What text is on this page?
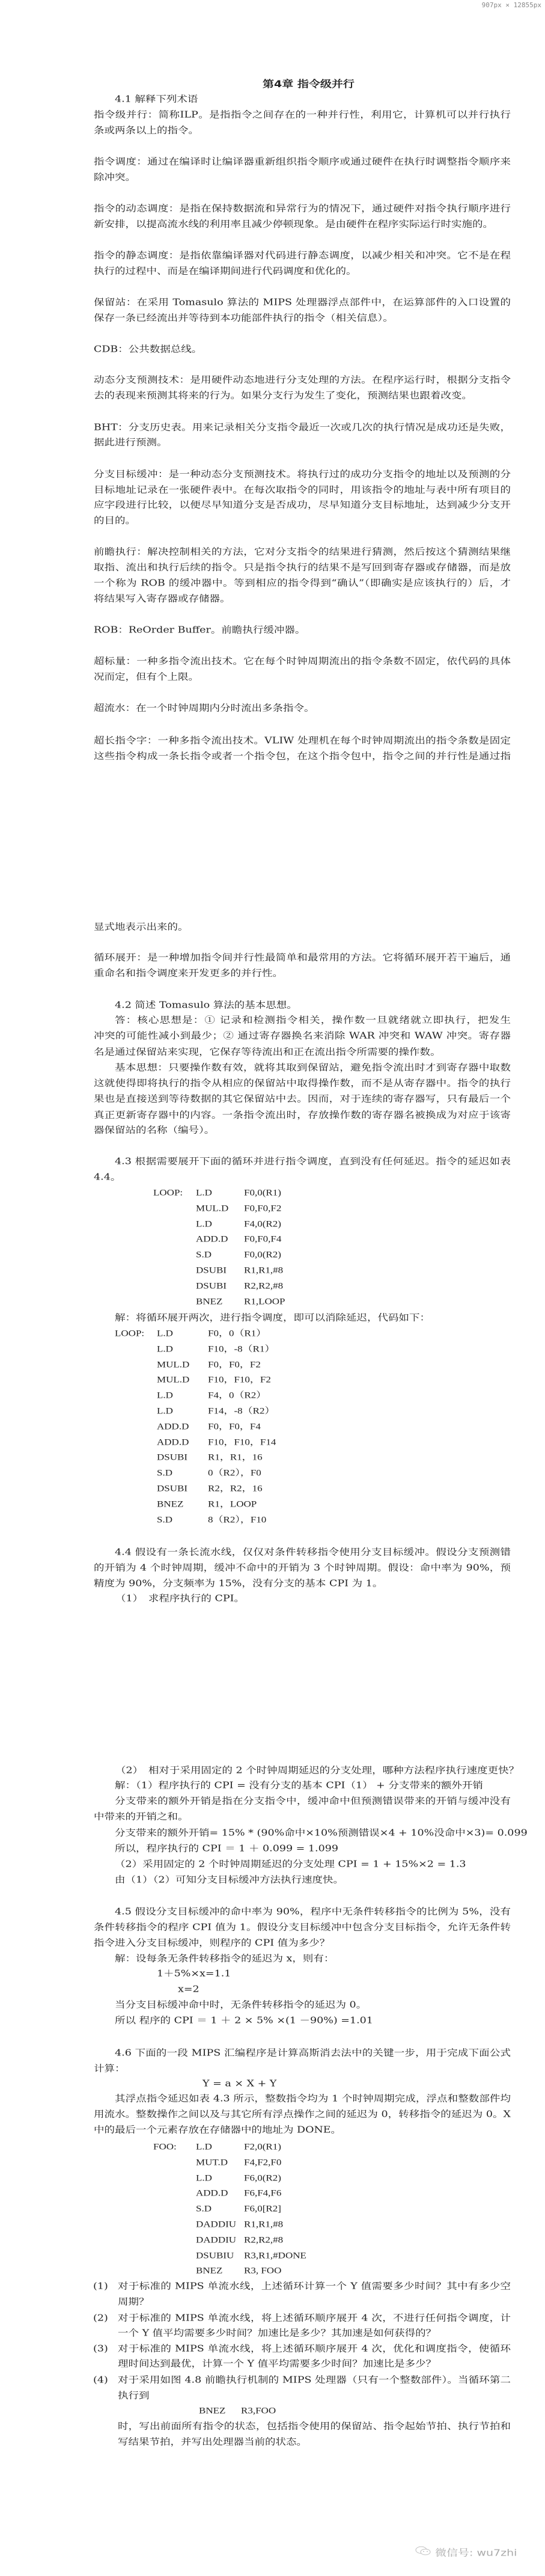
907px × 12855px
第4章 指令级并行
4.1 解释下列术语
指令级并行：简称ILP。是指指令之间存在的一种并行性，利用它，计算机可以并行执行
条或两条以上的指令。
指令调度：通过在编译时让编译器重新组织指令顺序或通过硬件在执行时调整指令顺序来
除冲突。
指令的动态调度：是指在保持数据流和异常行为的情况下，通过硬件对指令执行顺序进行
新安排，以提高流水线的利用率且减少停顿现象。是由硬件在程序实际运行时实施的。
指令的静态调度：是指依靠编译器对代码进行静态调度，以减少相关和冲突。它不是在程
执行的过程中、而是在编译期间进行代码调度和优化的。
保留站：在采用 Tomasulo 算法的 MIPS 处理器浮点部件中，在运算部件的入口设置的
保存一条已经流出并等待到本功能部件执行的指令（相关信息）。
CDB：公共数据总线。
动态分支预测技术：是用硬件动态地进行分支处理的方法。在程序运行时，根据分支指令
去的表现来预测其将来的行为。如果分支行为发生了变化，预测结果也跟着改变。
BHT：分支历史表。用来记录相关分支指令最近一次或几次的执行情况是成功还是失败，
据此进行预测。
分支目标缓冲：是一种动态分支预测技术。将执行过的成功分支指令的地址以及预测的分
目标地址记录在一张硬件表中。在每次取指令的同时，用该指令的地址与表中所有项目的
应字段进行比较，以便尽早知道分支是否成功，尽早知道分支目标地址，达到减少分支开
的目的。
前瞻执行：解决控制相关的方法，它对分支指令的结果进行猜测，然后按这个猜测结果继
取指、流出和执行后续的指令。只是指令执行的结果不是写回到寄存器或存储器，而是放
一个称为 ROB 的缓冲器中。等到相应的指令得到“确认”（即确实是应该执行的）后，才
将结果写入寄存器或存储器。
ROB：ReOrder Buffer。前瞻执行缓冲器。
超标量：一种多指令流出技术。它在每个时钟周期流出的指令条数不固定，依代码的具体
况而定，但有个上限。
超流水：在一个时钟周期内分时流出多条指令。
超长指令字：一种多指令流出技术。VLIW 处理机在每个时钟周期流出的指令条数是固定
这些指令构成一条长指令或者一个指令包，在这个指令包中，指令之间的并行性是通过指
显式地表示出来的。
循环展开：是一种增加指令间并行性最简单和最常用的方法。它将循环展开若干遍后，通
重命名和指令调度来开发更多的并行性。
4.2 简述 Tomasulo 算法的基本思想。
答：核心思想是：① 记录和检测指令相关，操作数一旦就绪就立即执行，把发生
冲突的可能性减小到最少；② 通过寄存器换名来消除 WAR 冲突和 WAW 冲突。寄存器
名是通过保留站来实现，它保存等待流出和正在流出指令所需要的操作数。
基本思想：只要操作数有效，就将其取到保留站，避免指令流出时才到寄存器中取数
这就使得即将执行的指令从相应的保留站中取得操作数，而不是从寄存器中。指令的执行
果也是直接送到等待数据的其它保留站中去。因而，对于连续的寄存器写，只有最后一个
真正更新寄存器中的内容。一条指令流出时，存放操作数的寄存器名被换成为对应于该寄
器保留站的名称（编号）。
4.3 根据需要展开下面的循环并进行指令调度，直到没有任何延迟。指令的延迟如表
4.4。
LOOP: L.D	F0,0(R1)
MUL.D F0,F0,F2
L.D	F4,0(R2)
ADD.D F0,F0,F4
S.D	F0,0(R2)
DSUBI R1,R1,#8
DSUBI R2,R2,#8
BNEZ R1,LOOP
解：将循环展开两次，进行指令调度，即可以消除延迟，代码如下：
LOOP: L.D	F0，0（R1）
L.D	F10，-8（R1）
MUL.D F0，F0，F2
MUL.D F10，F10，F2
L.D	F4，0（R2）
L.D	F14，-8（R2）
ADD.D F0，F0，F4
ADD.D F10，F10，F14
DSUBI R1，R1，16
S.D	0（R2），F0
DSUBI R2，R2，16
BNEZ R1，LOOP
S.D	8（R2），F10
4.4 假设有一条长流水线，仅仅对条件转移指令使用分支目标缓冲。假设分支预测错
的开销为 4 个时钟周期，缓冲不命中的开销为 3 个时钟周期。假设：命中率为 90%，预
精度为 90%，分支频率为 15%，没有分支的基本 CPI 为 1。
（1）　求程序执行的 CPI。
（2）　相对于采用固定的 2 个时钟周期延迟的分支处理，哪种方法程序执行速度更快？
解：（1）程序执行的 CPI = 没有分支的基本 CPI（1） + 分支带来的额外开销
分支带来的额外开销是指在分支指令中，缓冲命中但预测错误带来的开销与缓冲没有
中带来的开销之和。
分支带来的额外开销= 15% * (90%命中×10%预测错误×4 + 10%没命中×3)= 0.099
所以，程序执行的 CPI ＝ 1 ＋ 0.099 = 1.099
（2）采用固定的 2 个时钟周期延迟的分支处理 CPI = 1 + 15%×2 = 1.3
由（1）（2）可知分支目标缓冲方法执行速度快。
4.5 假设分支目标缓冲的命中率为 90%，程序中无条件转移指令的比例为 5%，没有
条件转移指令的程序 CPI 值为 1。假设分支目标缓冲中包含分支目标指令，允许无条件转
指令进入分支目标缓冲，则程序的 CPI 值为多少？
解：设每条无条件转移指令的延迟为 x，则有：
1＋5%×x=1.1
x=2
当分支目标缓冲命中时，无条件转移指令的延迟为 0。
所以 程序的 CPI ＝ 1 ＋ 2 × 5% ×(1 －90%) =1.01
4.6 下面的一段 MIPS 汇编程序是计算高斯消去法中的关键一步，用于完成下面公式
计算：
Y = a × X + Y
其浮点指令延迟如表 4.3 所示，整数指令均为 1 个时钟周期完成，浮点和整数部件均
用流水。整数操作之间以及与其它所有浮点操作之间的延迟为 0，转移指令的延迟为 0。X
中的最后一个元素存放在存储器中的地址为 DONE。
FOO: L.D	F2,0(R1)
MUT.D F4,F2,F0
L.D	F6,0(R2)
ADD.D F6,F4,F6
S.D	F6,0[R2]
DADDIU R1,R1,#8
DADDIU R2,R2,#8
DSUBIU R3,R1,#DONE
BNEZ R3, FOO
(1) 对于标准的 MIPS 单流水线，上述循环计算一个 Y 值需要多少时间？其中有多少空
周期？
(2) 对于标准的 MIPS 单流水线，将上述循环顺序展开 4 次，不进行任何指令调度，计
一个 Y 值平均需要多少时间？加速比是多少？其加速是如何获得的？
(3) 对于标准的 MIPS 单流水线，将上述循环顺序展开 4 次，优化和调度指令，使循环
理时间达到最优，计算一个 Y 值平均需要多少时间？加速比是多少？
(4) 对于采用如图 4.8 前瞻执行机制的 MIPS 处理器（只有一个整数部件）。当循环第二
执行到
BNEZ R3,FOO
时，写出前面所有指令的状态，包括指令使用的保留站、指令起始节拍、执行节拍和
写结果节拍，并写出处理器当前的状态。
微信号: wu7zhi
